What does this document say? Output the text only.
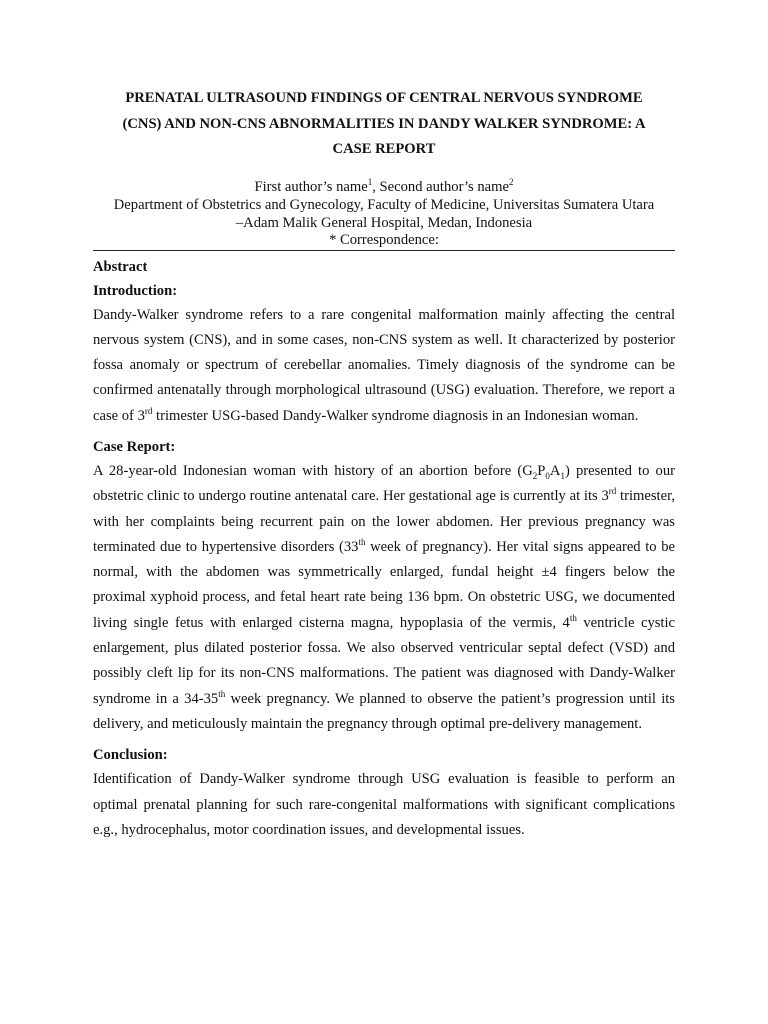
PRENATAL ULTRASOUND FINDINGS OF CENTRAL NERVOUS SYNDROME
(CNS) AND NON-CNS ABNORMALITIES IN DANDY WALKER SYNDROME: A
CASE REPORT
First author’s name$^1$, Second author’s name$^2$
Department of Obstetrics and Gynecology, Faculty of Medicine, Universitas Sumatera Utara
–Adam Malik General Hospital, Medan, Indonesia
* Correspondence:
Abstract
Introduction:

Dandy-Walker syndrome refers to a rare congenital malformation mainly affecting the central nervous system (CNS), and in some cases, non-CNS system as well. It characterized by posterior fossa anomaly or spectrum of cerebellar anomalies. Timely diagnosis of the syndrome can be confirmed antenatally through morphological ultrasound (USG) evaluation. Therefore, we report a case of 3rd trimester USG-based Dandy-Walker syndrome diagnosis in an Indonesian woman.

Case Report:

A 28-year-old Indonesian woman with history of an abortion before $(G_2P_0A_1)$ presented to our obstetric clinic to undergo routine antenatal care. Her gestational age is currently at its 3rd trimester, with her complaints being recurrent pain on the lower abdomen. Her previous pregnancy was terminated due to hypertensive disorders (33th week of pregnancy). Her vital signs appeared to be normal, with the abdomen was symmetrically enlarged, fundal height ±4 fingers below the proximal xyphoid process, and fetal heart rate being 136 bpm. On obstetric USG, we documented living single fetus with enlarged cisterna magna, hypoplasia of the vermis, 4th ventricle cystic enlargement, plus dilated posterior fossa. We also observed ventricular septal defect (VSD) and possibly cleft lip for its non-CNS malformations. The patient was diagnosed with Dandy-Walker syndrome in a 34-35th week pregnancy. We planned to observe the patient’s progression until its delivery, and meticulously maintain the pregnancy through optimal pre-delivery management.

Conclusion:

Identification of Dandy-Walker syndrome through USG evaluation is feasible to perform an optimal prenatal planning for such rare-congenital malformations with significant complications e.g., hydrocephalus, motor coordination issues, and developmental issues.
